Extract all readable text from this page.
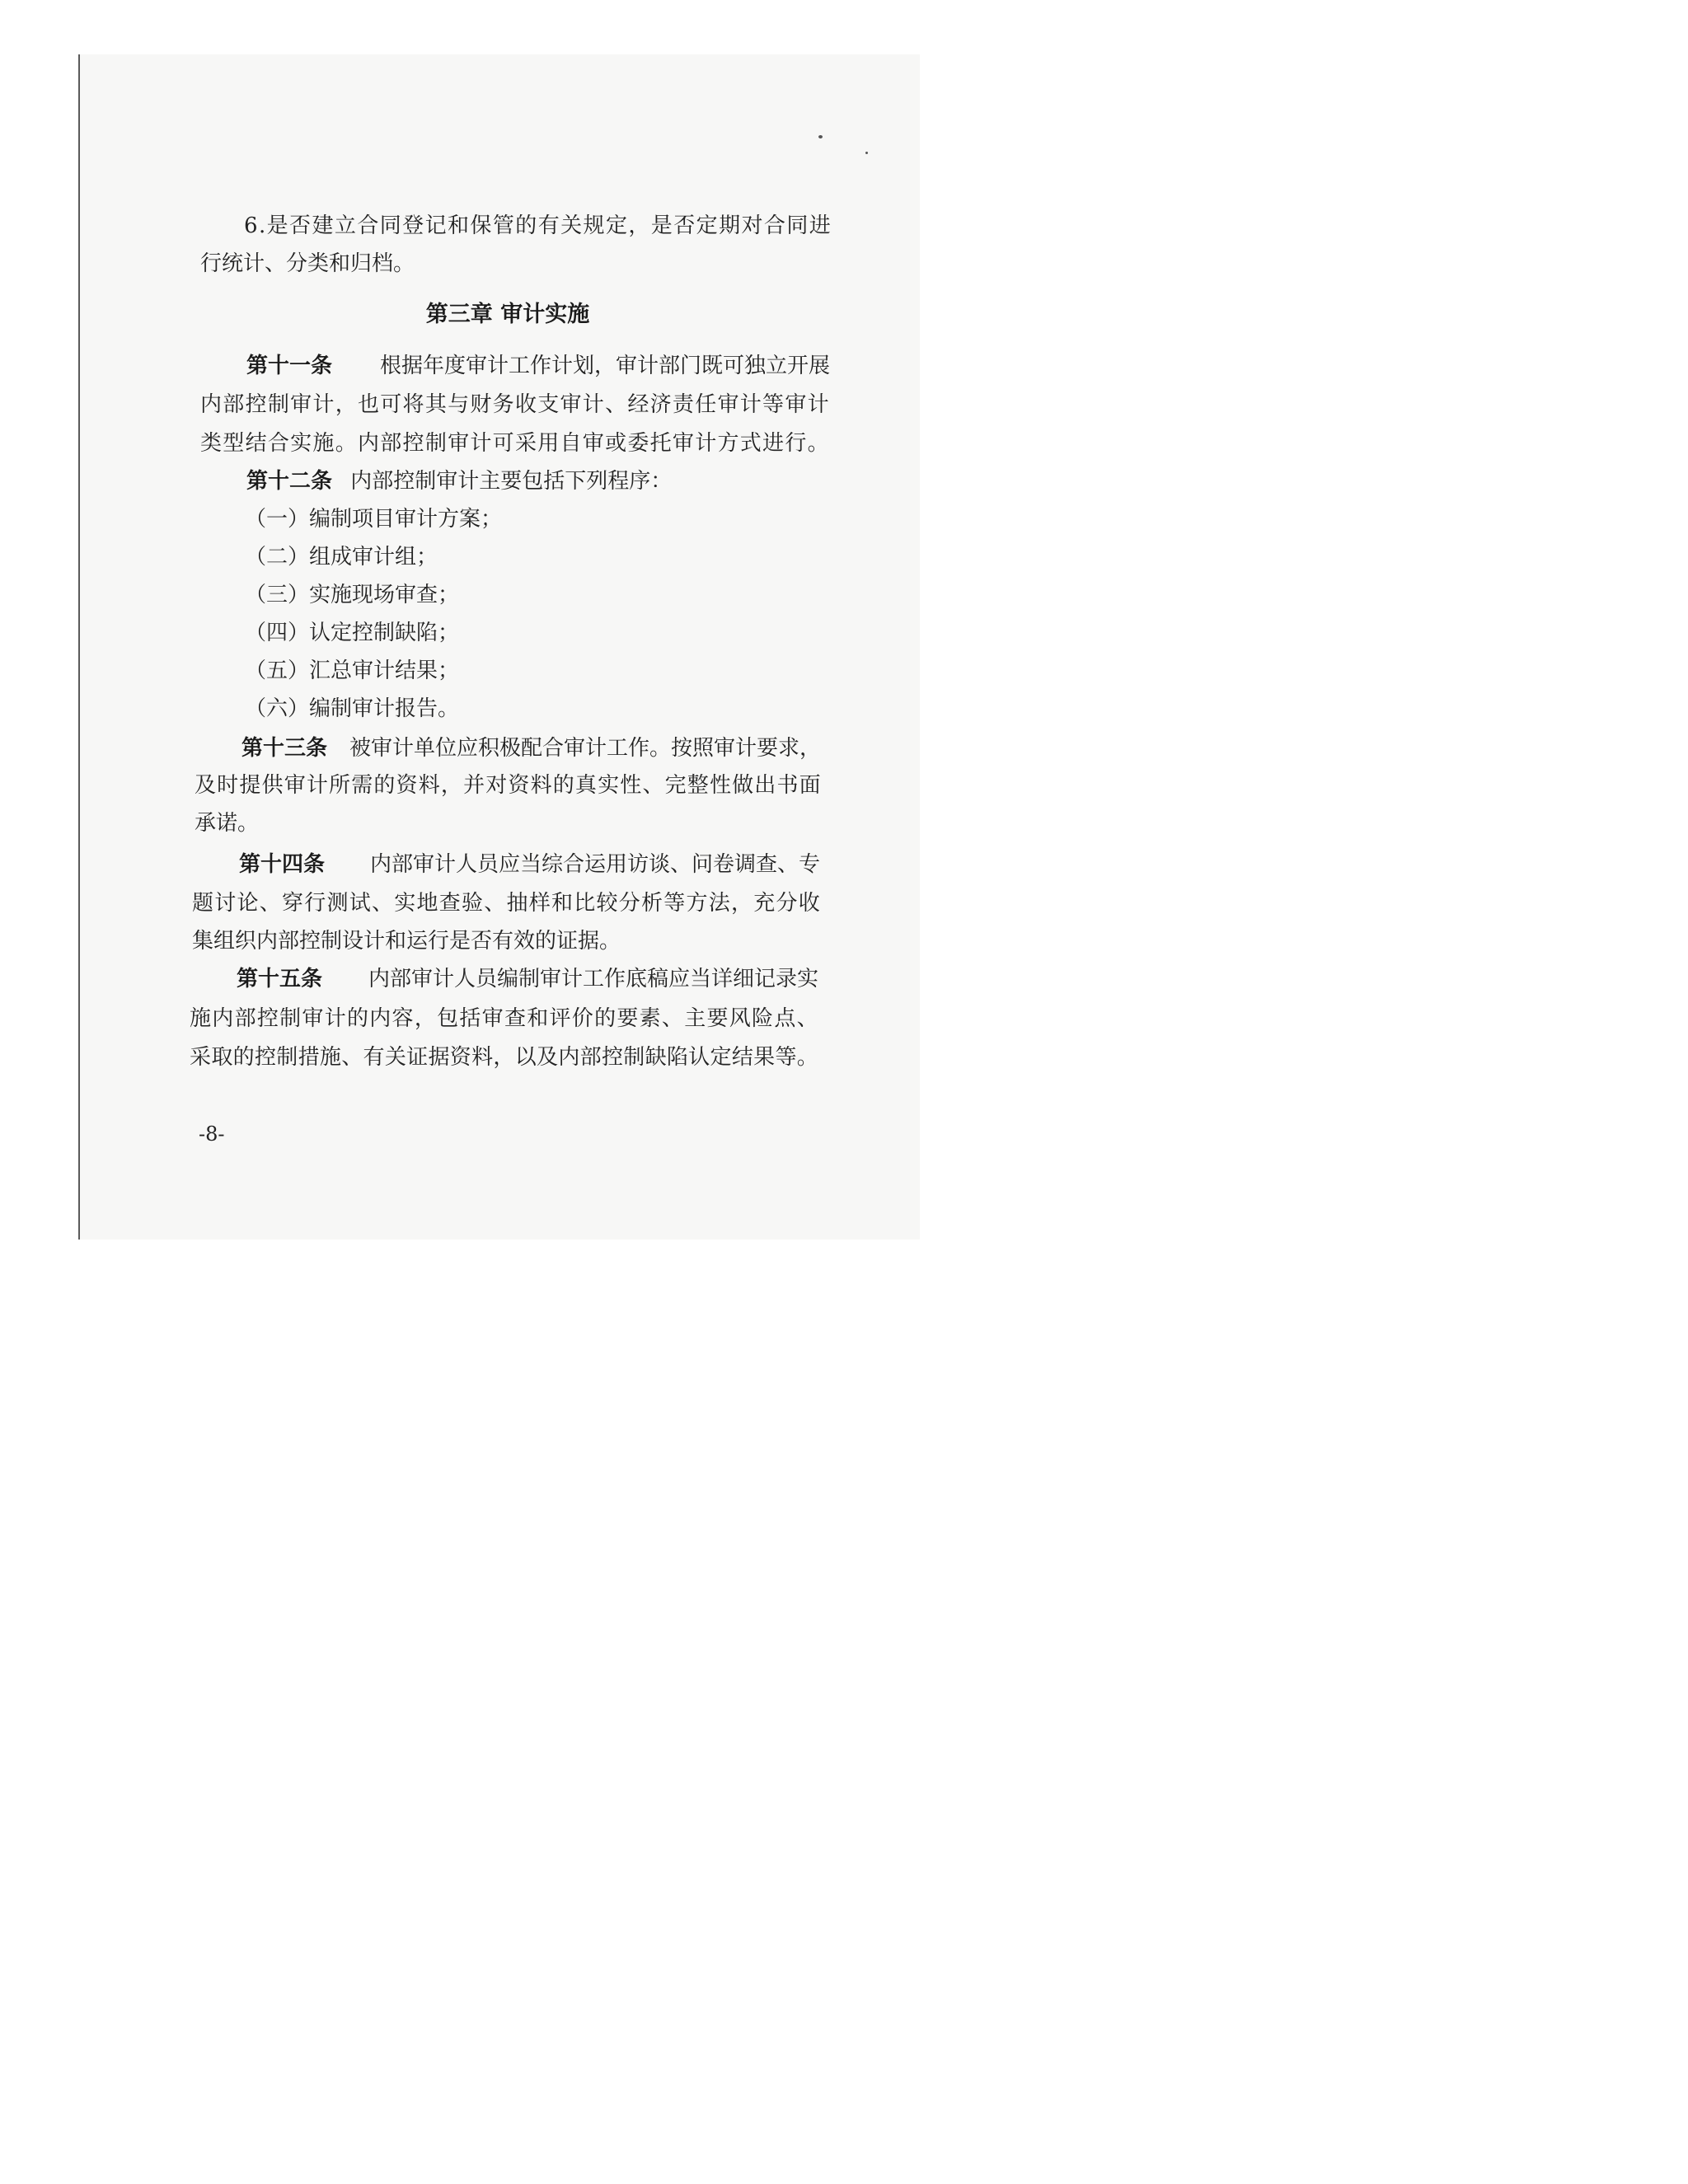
6 . 是 否 建 立 合 同 登 记 和 保 管 的 有 关 规 定 ， 是 否 定 期 对 合 同 进

行统计、分类和归档。

第三章 审计实施

第十一条 根据年度审计工作计划，审计部门既可独立开展

内 部 控 制 审 计 ， 也 可 将 其 与 财 务 收 支 审 计 、 经 济 责 任 审 计 等 审 计

类 型 结 合 实 施 。 内 部 控 制 审 计 可 采 用 自 审 或 委 托 审 计 方 式 进 行 。

第十二条 内部控制审计主要包括下列程序：

（一）编制项目审计方案；

（二）组成审计组；

（三）实施现场审查；

（四）认定控制缺陷；

（五）汇总审计结果；

（六）编制审计报告。

第十三条 被审计单位应积极配合审计工作。按照审计要求，

及 时 提 供 审 计 所 需 的 资 料 ， 并 对 资 料 的 真 实 性 、 完 整 性 做 出 书 面

承诺。

第十四条 内部审计人员应当综合运用访谈、问卷调查、专

题 讨 论 、 穿 行 测 试 、 实 地 查 验 、 抽 样 和 比 较 分 析 等 方 法 ， 充 分 收

集组织内部控制设计和运行是否有效的证据。

第十五条 内部审计人员编制审计工作底稿应当详细记录实

施 内 部 控 制 审 计 的 内 容 ， 包 括 审 查 和 评 价 的 要 素 、 主 要 风 险 点 、

采 取 的 控 制 措 施 、 有 关 证 据 资 料 ， 以 及 内 部 控 制 缺 陷 认 定 结 果 等 。

-8-
